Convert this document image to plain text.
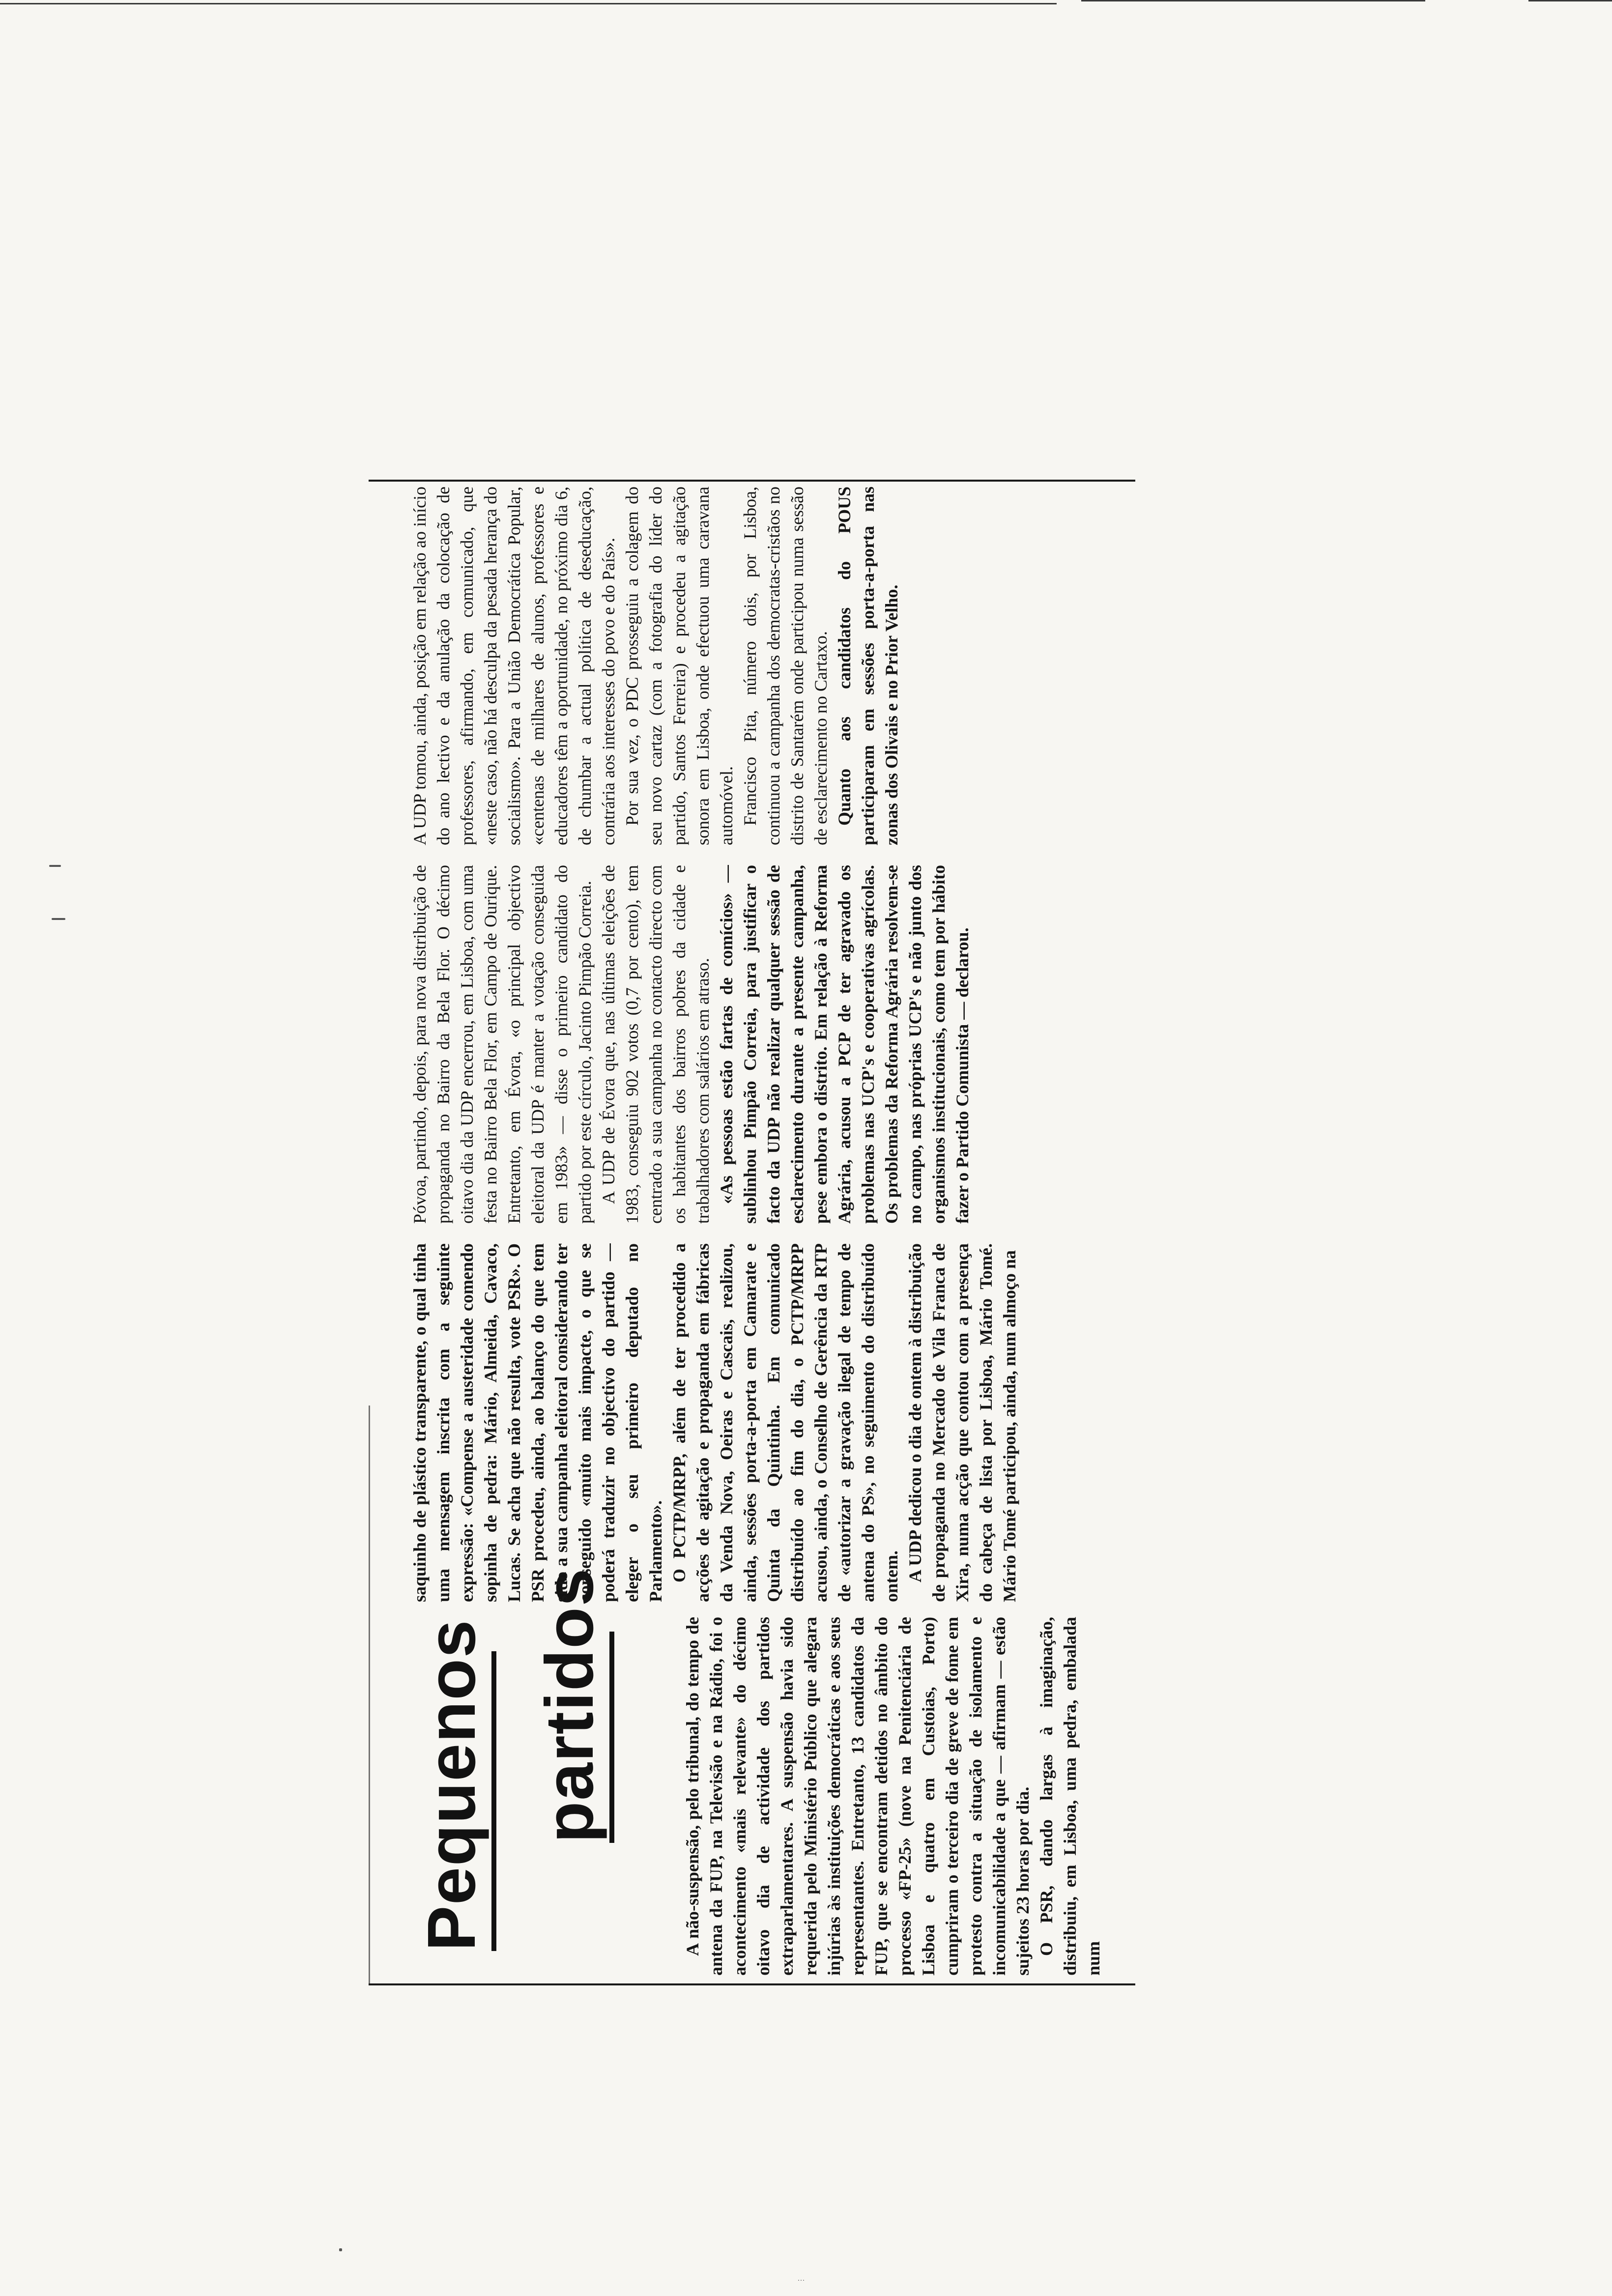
...
Pequenos partidos	A não-suspensão, pelo tribunal, do tempo de antena da FUP, na Televisão e na Rádio, foi o acontecimento «mais relevante» do décimo oitavo dia de actividade dos partidos extraparlamentares. A suspensão havia sido requerida pelo Ministério Público que alegara injúrias às instituições democráticas e aos seus representantes. Entretanto, 13 candidatos da FUP, que se encontram detidos no âmbito do processo «FP-25» (nove na Penitenciária de Lisboa e quatro em Custoias, Porto) cumpriram o terceiro dia de greve de fome em protesto contra a situação de isolamento e incomunicabilidade a que — afirmam — estão sujeitos 23 horas por dia. O PSR, dando largas à imaginação, distribuiu, em Lisboa, uma pedra, embalada num

saquinho de plástico transparente, o qual tinha uma mensagem inscrita com a seguinte expressão: «Compense a austeridade comendo sopinha de pedra: Mário, Almeida, Cavaco, Lucas. Se acha que não resulta, vote PSR». O PSR procedeu, ainda, ao balanço do que tem sido a sua campanha eleitoral considerando ter conseguido «muito mais impacte, o que se poderá traduzir no objectivo do partido — eleger o seu primeiro deputado no Parlamento». O PCTP/MRPP, além de ter procedido a acções de agitação e propaganda em fábricas da Venda Nova, Oeiras e Cascais, realizou, ainda, sessões porta-a-porta em Camarate e Quinta da Quintinha. Em comunicado distribuído ao fim do dia, o PCTP/MRPP acusou, ainda, o Conselho de Gerência da RTP de «autorizar a gravação ilegal de tempo de antena do PS», no seguimento do distribuído ontem. A UDP dedicou o dia de ontem à distribuição de propaganda no Mercado de Vila Franca de Xira, numa acção que contou com a presença do cabeça de lista por Lisboa, Mário Tomé. Mário Tomé participou, ainda, num almoço na

Póvoa, partindo, depois, para nova distribuição de propaganda no Bairro da Bela Flor. O décimo oitavo dia da UDP encerrou, em Lisboa, com uma festa no Bairro Bela Flor, em Campo de Ourique. Entretanto, em Évora, «o principal objectivo eleitoral da UDP é manter a votação conseguida em 1983» — disse o primeiro candidato do partido por este círculo, Jacinto Pimpão Correia. A UDP de Évora que, nas últimas eleições de 1983, conseguiu 902 votos (0,7 por cento), tem centrado a sua campanha no contacto directo com os habitantes dos bairros pobres da cidade e trabalhadores com salários em atraso. «As pessoas estão fartas de comícios» — sublinhou Pimpão Correia, para justificar o facto da UDP não realizar qualquer sessão de esclarecimento durante a presente campanha, pese embora o distrito. Em relação à Reforma Agrária, acusou a PCP de ter agravado os problemas nas UCP's e cooperativas agrícolas. Os problemas da Reforma Agrária resolvem-se no campo, nas próprias UCP's e não junto dos organismos institucionais, como tem por hábito fazer o Partido Comunista — declarou.

A UDP tomou, ainda, posição em relação ao início do ano lectivo e da anulação da colocação de professores, afirmando, em comunicado, que «neste caso, não há desculpa da pesada herança do socialismo». Para a União Democrática Popular, «centenas de milhares de alunos, professores e educadores têm a oportunidade, no próximo dia 6, de chumbar a actual política de deseducação, contrária aos interesses do povo e do País». Por sua vez, o PDC prosseguiu a colagem do seu novo cartaz (com a fotografia do líder do partido, Santos Ferreira) e procedeu a agitação sonora em Lisboa, onde efectuou uma caravana automóvel. Francisco Pita, número dois, por Lisboa, continuou a campanha dos democratas-cristãos no distrito de Santarém onde participou numa sessão de esclarecimento no Cartaxo. Quanto aos candidatos do POUS participaram em sessões porta-a-porta nas zonas dos Olivais e no Prior Velho.
